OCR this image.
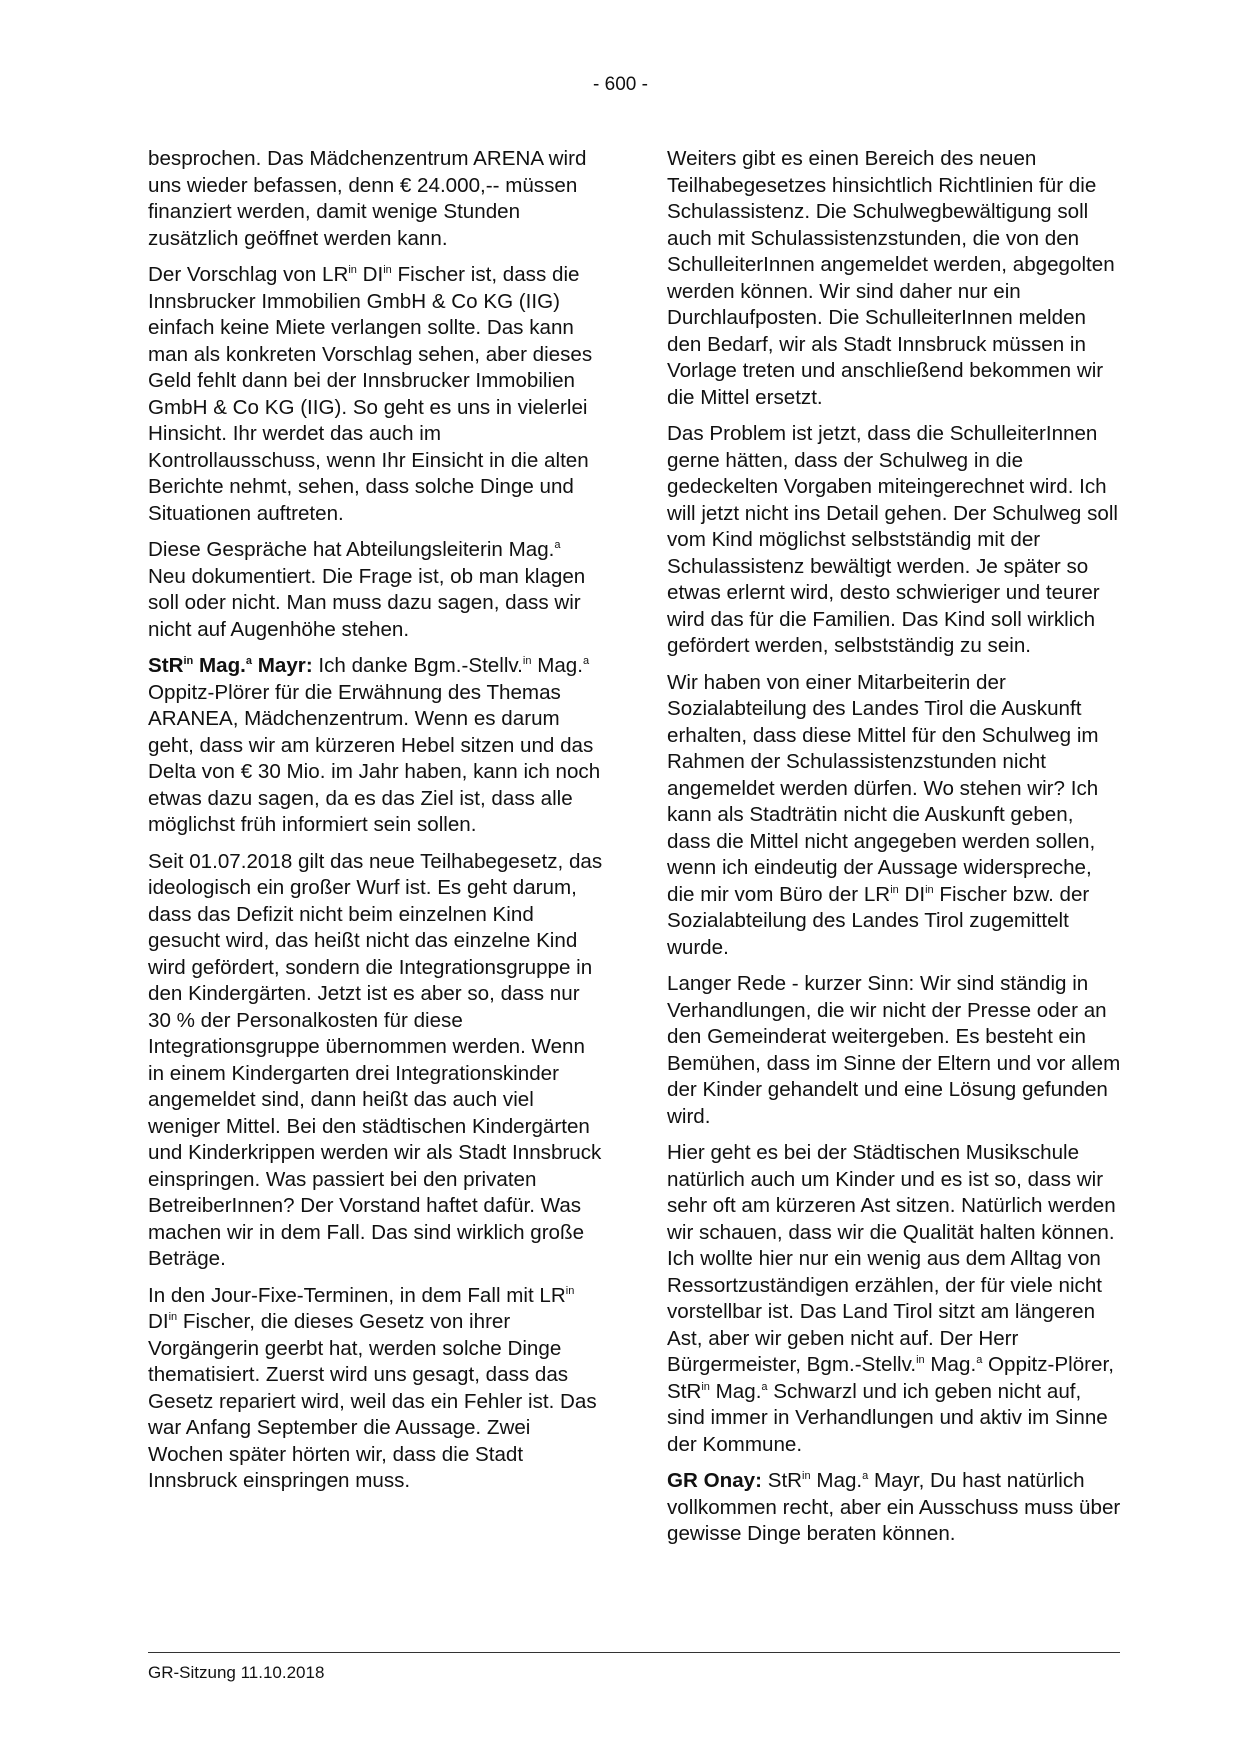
- 600 -

besprochen. Das Mädchenzentrum ARENA wird uns wieder befassen, denn € 24.000,-- müssen finanziert werden, damit wenige Stunden zusätzlich geöffnet werden kann.

Der Vorschlag von $LR^{in}$ $DI^{in}$ Fischer ist, dass die Innsbrucker Immobilien GmbH & Co KG (IIG) einfach keine Miete verlangen sollte. Das kann man als konkreten Vorschlag sehen, aber dieses Geld fehlt dann bei der Innsbrucker Immobilien GmbH & Co KG (IIG). So geht es uns in vielerlei Hinsicht. Ihr werdet das auch im Kontrollausschuss, wenn Ihr Einsicht in die alten Berichte nehmt, sehen, dass solche Dinge und Situationen auftreten.

Diese Gespräche hat Abteilungsleiterin Mag.$^a$ Neu dokumentiert. Die Frage ist, ob man klagen soll oder nicht. Man muss dazu sagen, dass wir nicht auf Augenhöhe stehen.

StR$^{in}$ Mag.$^a$ Mayr: Ich danke Bgm.-Stellv.$^{in}$ Mag.$^a$ Oppitz-Plörer für die Erwähnung des Themas ARANEA, Mädchenzentrum. Wenn es darum geht, dass wir am kürzeren Hebel sitzen und das Delta von € 30 Mio. im Jahr haben, kann ich noch etwas dazu sagen, da es das Ziel ist, dass alle möglichst früh informiert sein sollen.

Seit 01.07.2018 gilt das neue Teilhabegesetz, das ideologisch ein großer Wurf ist. Es geht darum, dass das Defizit nicht beim einzelnen Kind gesucht wird, das heißt nicht das einzelne Kind wird gefördert, sondern die Integrationsgruppe in den Kindergärten. Jetzt ist es aber so, dass nur 30 % der Personalkosten für diese Integrationsgruppe übernommen werden. Wenn in einem Kindergarten drei Integrationskinder angemeldet sind, dann heißt das auch viel weniger Mittel. Bei den städtischen Kindergärten und Kinderkrippen werden wir als Stadt Innsbruck einspringen. Was passiert bei den privaten BetreiberInnen? Der Vorstand haftet dafür. Was machen wir in dem Fall. Das sind wirklich große Beträge.

In den Jour-Fixe-Terminen, in dem Fall mit $LR^{in}$ $DI^{in}$ Fischer, die dieses Gesetz von ihrer Vorgängerin geerbt hat, werden solche Dinge thematisiert. Zuerst wird uns gesagt, dass das Gesetz repariert wird, weil das ein Fehler ist. Das war Anfang September die Aussage. Zwei Wochen später hörten wir, dass die Stadt Innsbruck einspringen muss.

Weiters gibt es einen Bereich des neuen Teilhabegesetzes hinsichtlich Richtlinien für die Schulassistenz. Die Schulwegbewältigung soll auch mit Schulassistenzstunden, die von den SchulleiterInnen angemeldet werden, abgegolten werden können. Wir sind daher nur ein Durchlaufposten. Die SchulleiterInnen melden den Bedarf, wir als Stadt Innsbruck müssen in Vorlage treten und anschließend bekommen wir die Mittel ersetzt.

Das Problem ist jetzt, dass die SchulleiterInnen gerne hätten, dass der Schulweg in die gedeckelten Vorgaben miteingerechnet wird. Ich will jetzt nicht ins Detail gehen. Der Schulweg soll vom Kind möglichst selbstständig mit der Schulassistenz bewältigt werden. Je später so etwas erlernt wird, desto schwieriger und teurer wird das für die Familien. Das Kind soll wirklich gefördert werden, selbstständig zu sein.

Wir haben von einer Mitarbeiterin der Sozialabteilung des Landes Tirol die Auskunft erhalten, dass diese Mittel für den Schulweg im Rahmen der Schulassistenzstunden nicht angemeldet werden dürfen. Wo stehen wir? Ich kann als Stadträtin nicht die Auskunft geben, dass die Mittel nicht angegeben werden sollen, wenn ich eindeutig der Aussage widerspreche, die mir vom Büro der $LR^{in}$ $DI^{in}$ Fischer bzw. der Sozialabteilung des Landes Tirol zugemittelt wurde.

Langer Rede - kurzer Sinn: Wir sind ständig in Verhandlungen, die wir nicht der Presse oder an den Gemeinderat weitergeben. Es besteht ein Bemühen, dass im Sinne der Eltern und vor allem der Kinder gehandelt und eine Lösung gefunden wird.

Hier geht es bei der Städtischen Musikschule natürlich auch um Kinder und es ist so, dass wir sehr oft am kürzeren Ast sitzen. Natürlich werden wir schauen, dass wir die Qualität halten können. Ich wollte hier nur ein wenig aus dem Alltag von Ressortzuständigen erzählen, der für viele nicht vorstellbar ist. Das Land Tirol sitzt am längeren Ast, aber wir geben nicht auf. Der Herr Bürgermeister, Bgm.-Stellv.$^{in}$ Mag.$^a$ Oppitz-Plörer, StR$^{in}$ Mag.$^a$ Schwarzl und ich geben nicht auf, sind immer in Verhandlungen und aktiv im Sinne der Kommune.

GR Onay: StR$^{in}$ Mag.$^a$ Mayr, Du hast natürlich vollkommen recht, aber ein Ausschuss muss über gewisse Dinge beraten können.

GR-Sitzung 11.10.2018
